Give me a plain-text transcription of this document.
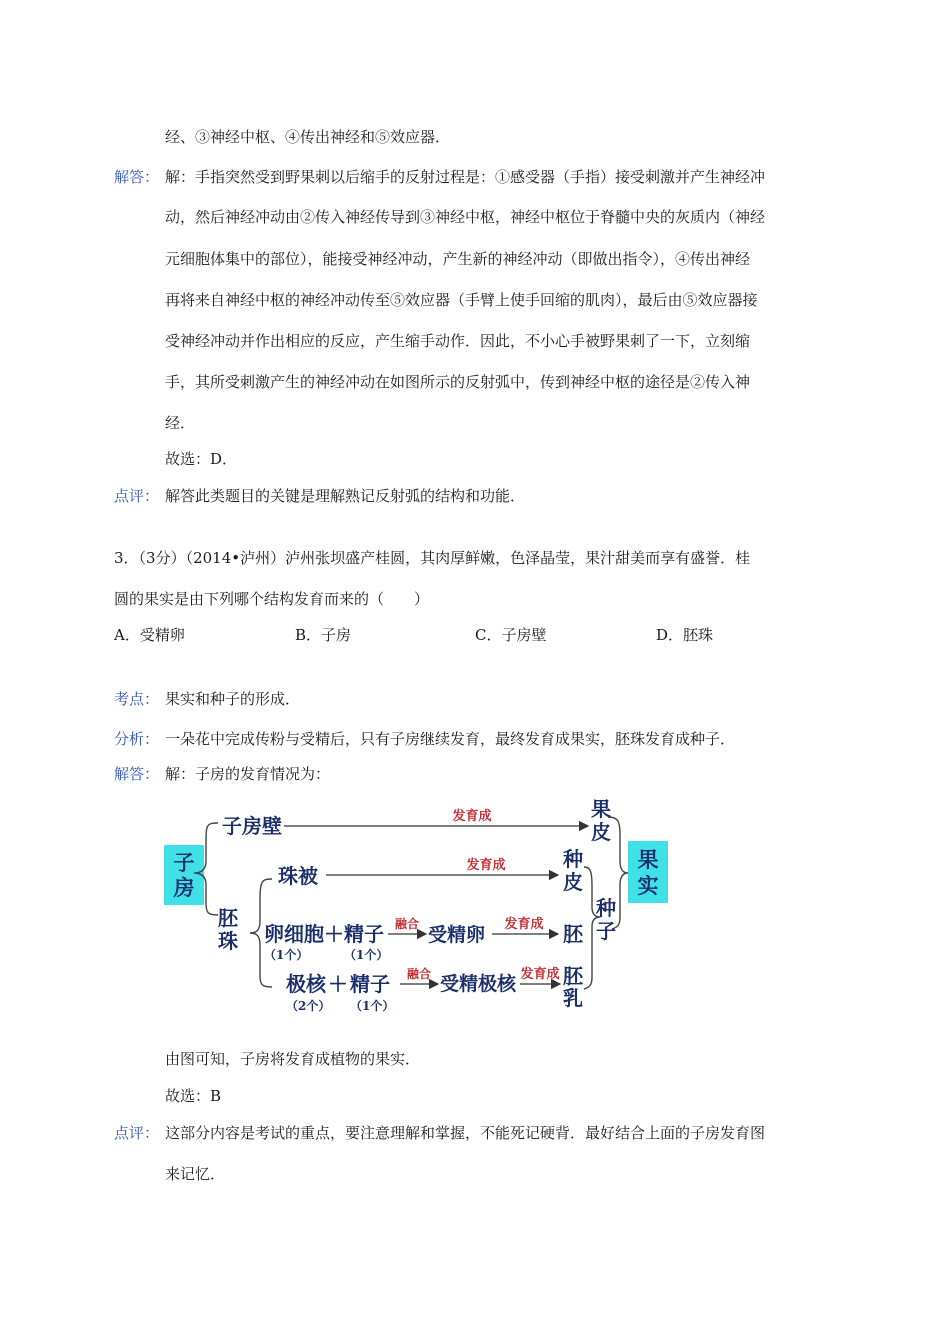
经、③神经中枢、④传出神经和⑤效应器．
解答： 解：手指突然受到野果刺以后缩手的反射过程是：①感受器（手指）接受刺激并产生神经冲
动，然后神经冲动由②传入神经传导到③神经中枢，神经中枢位于脊髓中央的灰质内（神经
元细胞体集中的部位），能接受神经冲动，产生新的神经冲动（即做出指令），④传出神经
再将来自神经中枢的神经冲动传至⑤效应器（手臂上使手回缩的肌肉），最后由⑤效应器接
受神经冲动并作出相应的反应，产生缩手动作．因此，不小心手被野果刺了一下，立刻缩
手，其所受刺激产生的神经冲动在如图所示的反射弧中，传到神经中枢的途径是②传入神
经．
故选：D．
点评： 解答此类题目的关键是理解熟记反射弧的结构和功能．
3．（3分）（2014•泸州）泸州张坝盛产桂圆，其肉厚鲜嫩，色泽晶莹，果汁甜美而享有盛誉．桂
圆的果实是由下列哪个结构发育而来的（　　）
A．受精卵	B．子房	C．子房壁	D．胚珠
考点： 果实和种子的形成．
分析： 一朵花中完成传粉与受精后，只有子房继续发育，最终发育成果实，胚珠发育成种子．
解答： 解：子房的发育情况为：
发育成
发育成
融合	发育成
融合	发育成
子
房
子房壁
胚
珠
珠被
卵细胞 ＋ 精子
（1个）	（1个）
受精卵
极核 ＋ 精子
（2个） （1个）
受精极核
果
皮
种
皮
胚
胚
乳
种
子
果
实
由图可知，子房将发育成植物的果实．
故选：B
点评： 这部分内容是考试的重点，要注意理解和掌握，不能死记硬背．最好结合上面的子房发育图
来记忆．
